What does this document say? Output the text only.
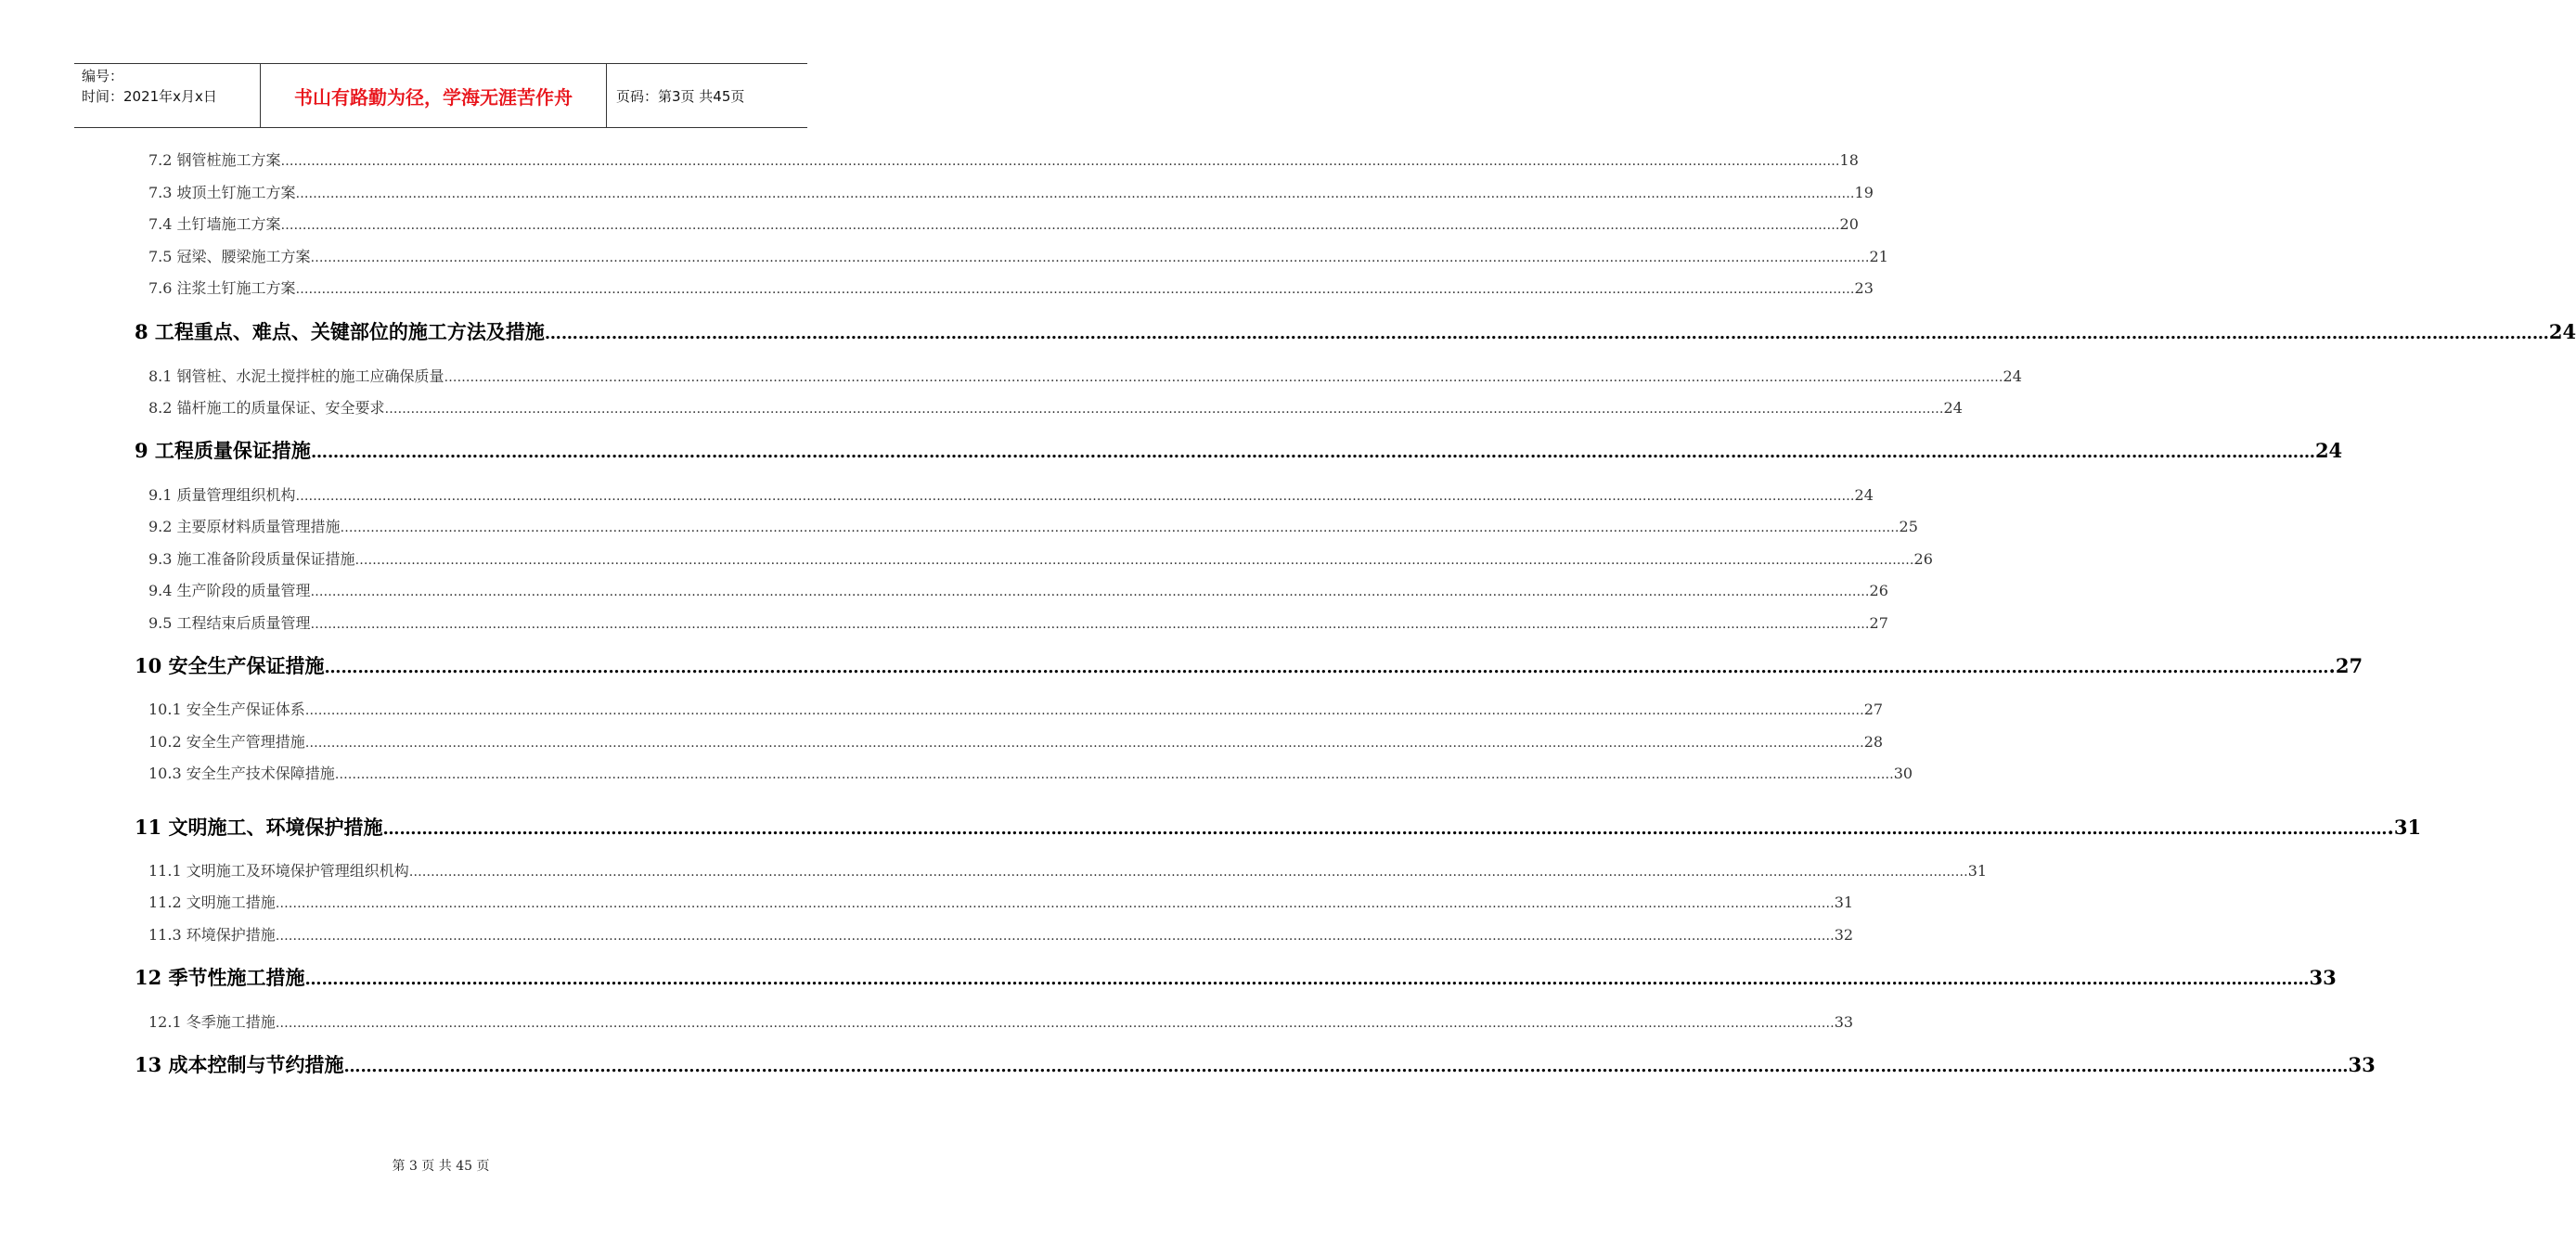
编号：
时间：2021年x月x日	书山有路勤为径，学海无涯苦作舟	页码：第3页 共45页
7.2 钢管桩施工方案 ……………………………………………………………………………………………………………………………………………………………………………………………………………………………………………………………………………………………………………………………… 18
7.3 坡顶土钉施工方案 ……………………………………………………………………………………………………………………………………………………………………………………………………………………………………………………………………………………………………………………………… 19
7.4 土钉墙施工方案 ……………………………………………………………………………………………………………………………………………………………………………………………………………………………………………………………………………………………………………………………… 20
7.5 冠梁、腰梁施工方案 ……………………………………………………………………………………………………………………………………………………………………………………………………………………………………………………………………………………………………………………………… 21
7.6 注浆土钉施工方案 ……………………………………………………………………………………………………………………………………………………………………………………………………………………………………………………………………………………………………………………………… 23
8 工程重点、难点、关键部位的施工方法及措施 ……………………………………………………………………………………………………………………………………………………………………………………………………………………………………………………………………………………………………………………………… 24
8.1 钢管桩、水泥土搅拌桩的施工应确保质量 ……………………………………………………………………………………………………………………………………………………………………………………………………………………………………………………………………………………………………………………………… 24
8.2 锚杆施工的质量保证、安全要求 ……………………………………………………………………………………………………………………………………………………………………………………………………………………………………………………………………………………………………………………………… 24
9 工程质量保证措施 ……………………………………………………………………………………………………………………………………………………………………………………………………………………………………………………………………………………………………………………………… 24
9.1 质量管理组织机构 ……………………………………………………………………………………………………………………………………………………………………………………………………………………………………………………………………………………………………………………………… 24
9.2 主要原材料质量管理措施 ……………………………………………………………………………………………………………………………………………………………………………………………………………………………………………………………………………………………………………………………… 25
9.3 施工准备阶段质量保证措施 ……………………………………………………………………………………………………………………………………………………………………………………………………………………………………………………………………………………………………………………………… 26
9.4 生产阶段的质量管理 ……………………………………………………………………………………………………………………………………………………………………………………………………………………………………………………………………………………………………………………………… 26
9.5 工程结束后质量管理 ……………………………………………………………………………………………………………………………………………………………………………………………………………………………………………………………………………………………………………………………… 27
10 安全生产保证措施 ……………………………………………………………………………………………………………………………………………………………………………………………………………………………………………………………………………………………………………………………… .27
10.1 安全生产保证体系 ……………………………………………………………………………………………………………………………………………………………………………………………………………………………………………………………………………………………………………………………… 27
10.2 安全生产管理措施 ……………………………………………………………………………………………………………………………………………………………………………………………………………………………………………………………………………………………………………………………… 28
10.3 安全生产技术保障措施 ……………………………………………………………………………………………………………………………………………………………………………………………………………………………………………………………………………………………………………………………… 30
11 文明施工、环境保护措施 ……………………………………………………………………………………………………………………………………………………………………………………………………………………………………………………………………………………………………………………………… .31
11.1 文明施工及环境保护管理组织机构 ……………………………………………………………………………………………………………………………………………………………………………………………………………………………………………………………………………………………………………………………… 31
11.2 文明施工措施 ……………………………………………………………………………………………………………………………………………………………………………………………………………………………………………………………………………………………………………………………… 31
11.3 环境保护措施 ……………………………………………………………………………………………………………………………………………………………………………………………………………………………………………………………………………………………………………………………… 32
12 季节性施工措施 ……………………………………………………………………………………………………………………………………………………………………………………………………………………………………………………………………………………………………………………………… 33
12.1 冬季施工措施 ……………………………………………………………………………………………………………………………………………………………………………………………………………………………………………………………………………………………………………………………… 33
13 成本控制与节约措施 ……………………………………………………………………………………………………………………………………………………………………………………………………………………………………………………………………………………………………………………………… 33
第 3 页 共 45 页
